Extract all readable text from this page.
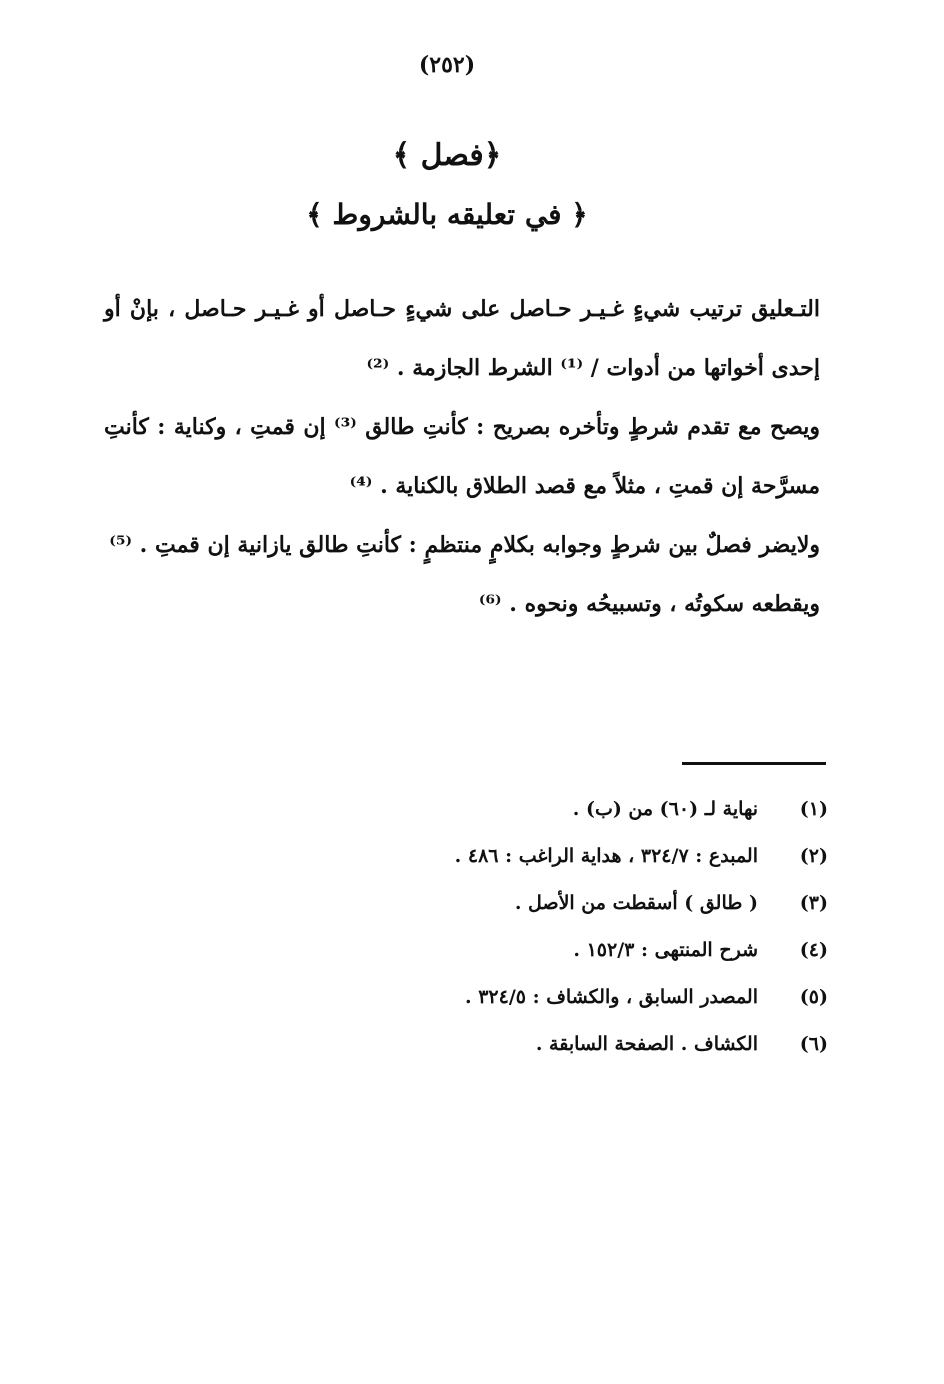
(٢٥٢)
﴿فصل ﴾
﴿ في تعليقه بالشروط ﴾
التـعليق ترتيب شيءٍ غـيـر حـاصل على شيءٍ حـاصل أو غـيـر حـاصل ، بإنْ أو
إحدى أخواتها من أدوات / ⁽¹⁾ الشرط الجازمة . ⁽²⁾
ويصح مع تقدم شرطٍ وتأخره بصريح : كأنتِ طالق ⁽³⁾ إن قمتِ ، وكناية : كأنتِ
مسرَّحة إن قمتِ ، مثلاً مع قصد الطلاق بالكناية . ⁽⁴⁾
ولايضر فصلٌ بين شرطٍ وجوابه بكلامٍ منتظمٍ : كأنتِ طالق يازانية إن قمتِ . ⁽⁵⁾
ويقطعه سكوتُه ، وتسبيحُه ونحوه . ⁽⁶⁾
(١)
نهاية لـ (٦٠) من (ب) .
(٢)
المبدع : ٣٢٤/٧ ، هداية الراغب : ٤٨٦ .
(٣)
( طالق ) أسقطت من الأصل .
(٤)
شرح المنتهى : ١٥٢/٣ .
(٥)
المصدر السابق ، والكشاف : ٣٢٤/٥ .
(٦)
الكشاف . الصفحة السابقة .
